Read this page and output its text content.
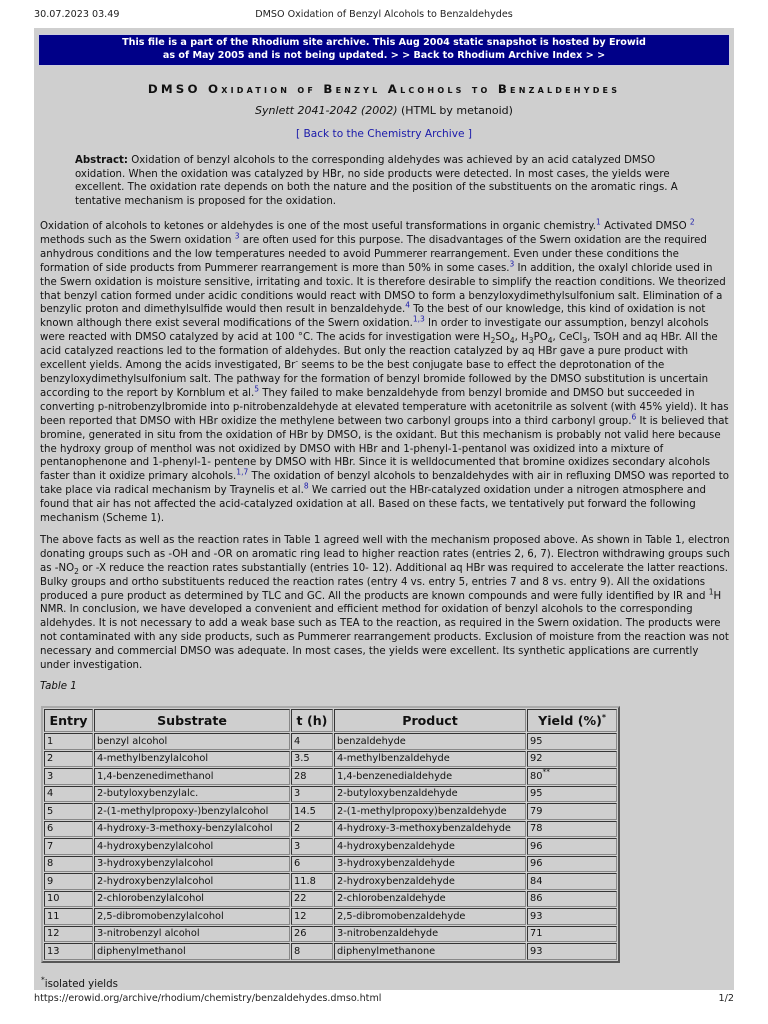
30.07.2023 03.49	DMSO Oxidation of Benzyl Alcohols to Benzaldehydes
This file is a part of the Rhodium site archive. This Aug 2004 static snapshot is hosted by Erowid
as of May 2005 and is not being updated. > > Back to Rhodium Archive Index > >
DMSO Oxidation of Benzyl Alcohols to Benzaldehydes
Synlett 2041-2042 (2002) (HTML by metanoid)
[ Back to the Chemistry Archive ]
Abstract: Oxidation of benzyl alcohols to the corresponding aldehydes was achieved by an acid catalyzed DMSO oxidation. When the oxidation was catalyzed by HBr, no side products were detected. In most cases, the yields were excellent. The oxidation rate depends on both the nature and the position of the substituents on the aromatic rings. A tentative mechanism is proposed for the oxidation.

Oxidation of alcohols to ketones or aldehydes is one of the most useful transformations in organic chemistry.$^1$ Activated DMSO $^2$ methods such as the Swern oxidation $^3$ are often used for this purpose. The disadvantages of the Swern oxidation are the required anhydrous conditions and the low temperatures needed to avoid Pummerer rearrangement. Even under these conditions the formation of side products from Pummerer rearrangement is more than 50% in some cases.$^3$ In addition, the oxalyl chloride used in the Swern oxidation is moisture sensitive, irritating and toxic. It is therefore desirable to simplify the reaction conditions. We theorized that benzyl cation formed under acidic conditions would react with DMSO to form a benzyloxydimethylsulfonium salt. Elimination of a benzylic proton and dimethylsulfide would then result in benzaldehyde.$^4$ To the best of our knowledge, this kind of oxidation is not known although there exist several modifications of the Swern oxidation.$^{1,3}$ In order to investigate our assumption, benzyl alcohols were reacted with DMSO catalyzed by acid at 100 °C. The acids for investigation were $H_2SO_4$, $H_3PO_4$, CeCl$_3$, TsOH and aq HBr. All the acid catalyzed reactions led to the formation of aldehydes. But only the reaction catalyzed by aq HBr gave a pure product with excellent yields. Among the acids investigated, Br- seems to be the best conjugate base to effect the deprotonation of the benzyloxydimethylsulfonium salt. The pathway for the formation of benzyl bromide followed by the DMSO substitution is uncertain according to the report by Kornblum et al.$^5$ They failed to make benzaldehyde from benzyl bromide and DMSO but succeeded in converting p-nitrobenzylbromide into p-nitrobenzaldehyde at elevated temperature with acetonitrile as solvent (with 45% yield). It has been reported that DMSO with HBr oxidize the methylene between two carbonyl groups into a third carbonyl group.$^6$ It is believed that bromine, generated in situ from the oxidation of HBr by DMSO, is the oxidant. But this mechanism is probably not valid here because the hydroxy group of menthol was not oxidized by DMSO with HBr and 1-phenyl-1-pentanol was oxidized into a mixture of pentanophenone and 1-phenyl-1- pentene by DMSO with HBr. Since it is welldocumented that bromine oxidizes secondary alcohols faster than it oxidize primary alcohols.$^{1,7}$ The oxidation of benzyl alcohols to benzaldehydes with air in refluxing DMSO was reported to take place via radical mechanism by Traynelis et al.$^8$ We carried out the HBr-catalyzed oxidation under a nitrogen atmosphere and found that air has not affected the acid-catalyzed oxidation at all. Based on these facts, we tentatively put forward the following mechanism (Scheme 1).

The above facts as well as the reaction rates in Table 1 agreed well with the mechanism proposed above. As shown in Table 1, electron donating groups such as -OH and -OR on aromatic ring lead to higher reaction rates (entries 2, 6, 7). Electron withdrawing groups such as $-NO_2$ or -X reduce the reaction rates substantially (entries 10- 12). Additional aq HBr was required to accelerate the latter reactions. Bulky groups and ortho substituents reduced the reaction rates (entry 4 vs. entry 5, entries 7 and 8 vs. entry 9). All the oxidations produced a pure product as determined by TLC and GC. All the products are known compounds and were fully identified by IR and $^1$H NMR. In conclusion, we have developed a convenient and efficient method for oxidation of benzyl alcohols to the corresponding aldehydes. It is not necessary to add a weak base such as TEA to the reaction, as required in the Swern oxidation. The products were not contaminated with any side products, such as Pummerer rearrangement products. Exclusion of moisture from the reaction was not necessary and commercial DMSO was adequate. In most cases, the yields were excellent. Its synthetic applications are currently under investigation.

Table 1
Entry	Substrate	t (h)	Product	Yield (%)*
1	benzyl alcohol	4	benzaldehyde	95
2	4-methylbenzylalcohol	3.5	4-methylbenzaldehyde	92
3	1,4-benzenedimethanol	28	1,4-benzenedialdehyde	80**
4	2-butyloxybenzylalc.	3	2-butyloxybenzaldehyde	95
5	2-(1-methylpropoxy-)benzylalcohol	14.5	2-(1-methylpropoxy)benzaldehyde	79
6	4-hydroxy-3-methoxy-benzylalcohol	2	4-hydroxy-3-methoxybenzaldehyde	78
7	4-hydroxybenzylalcohol	3	4-hydroxybenzaldehyde	96
8	3-hydroxybenzylalcohol	6	3-hydroxybenzaldehyde	96
9	2-hydroxybenzylalcohol	11.8	2-hydroxybenzaldehyde	84
10	2-chlorobenzylalcohol	22	2-chlorobenzaldehyde	86
11	2,5-dibromobenzylalcohol	12	2,5-dibromobenzaldehyde	93
12	3-nitrobenzyl alcohol	26	3-nitrobenzaldehyde	71
13	diphenylmethanol	8	diphenylmethanone	93
*isolated yields
https://erowid.org/archive/rhodium/chemistry/benzaldehydes.dmso.html	1/2
